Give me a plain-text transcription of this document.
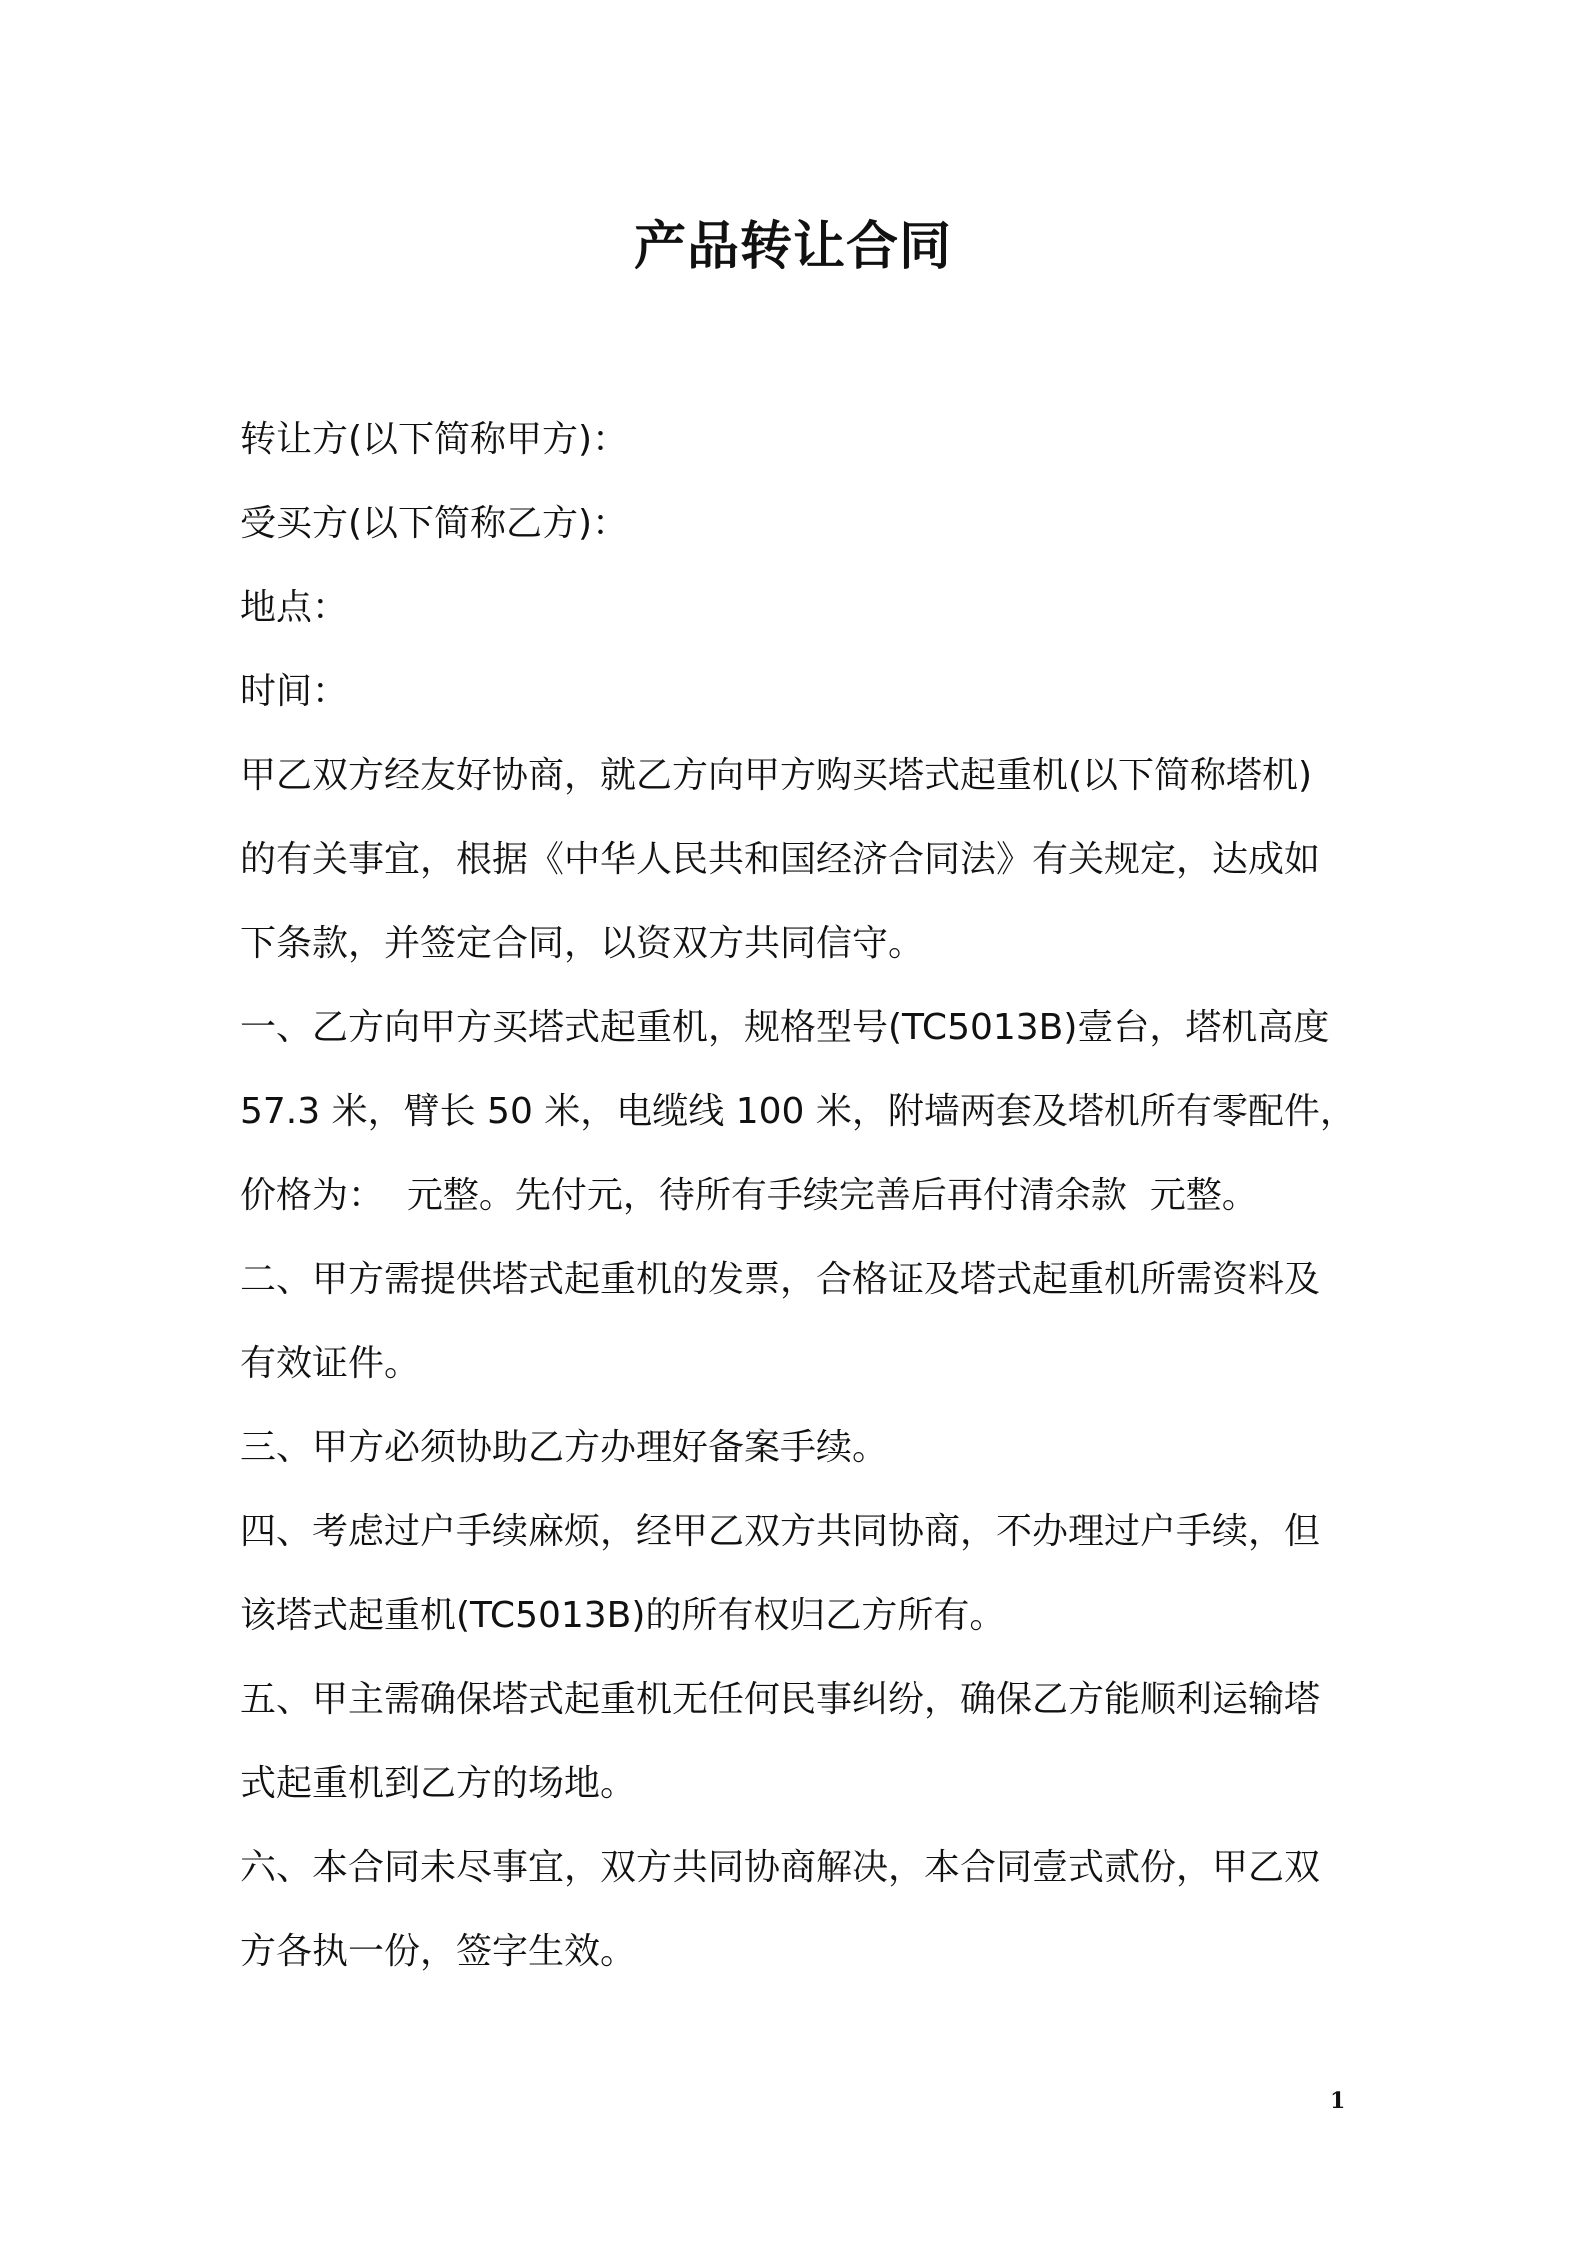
产品转让合同
转让方(以下简称甲方)：
受买方(以下简称乙方)：
地点：
时间：
甲乙双方经友好协商，就乙方向甲方购买塔式起重机(以下简称塔机)
的有关事宜，根据《中华人民共和国经济合同法》有关规定，达成如
下条款，并签定合同，以资双方共同信守。
一、乙方向甲方买塔式起重机，规格型号(TC5013B)壹台，塔机高度
57.3 米，臂长 50 米，电缆线 100 米，附墙两套及塔机所有零配件，
价格为：  元整。先付元，待所有手续完善后再付清余款  元整。
二、甲方需提供塔式起重机的发票，合格证及塔式起重机所需资料及
有效证件。
三、甲方必须协助乙方办理好备案手续。
四、考虑过户手续麻烦，经甲乙双方共同协商，不办理过户手续，但
该塔式起重机(TC5013B)的所有权归乙方所有。
五、甲主需确保塔式起重机无任何民事纠纷，确保乙方能顺利运输塔
式起重机到乙方的场地。
六、本合同未尽事宜，双方共同协商解决，本合同壹式贰份，甲乙双
方各执一份，签字生效。
1
